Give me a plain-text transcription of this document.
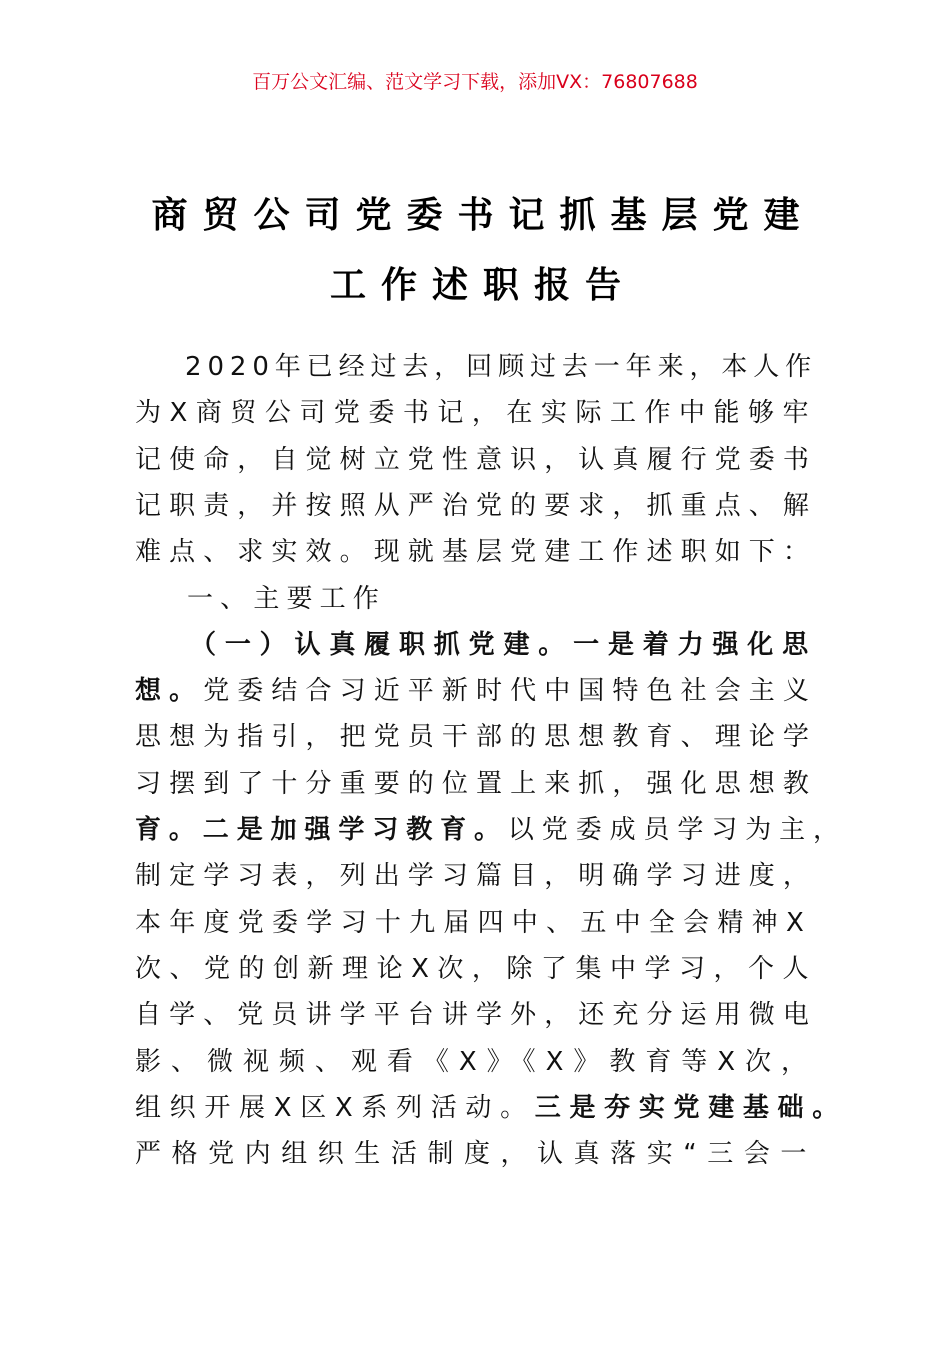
百万公文汇编、范文学习下载，添加VX：76807688
商贸公司党委书记抓基层党建
工作述职报告
2020年已经过去，回顾过去一年来，本人作
为X商贸公司党委书记，在实际工作中能够牢
记使命，自觉树立党性意识，认真履行党委书
记职责，并按照从严治党的要求，抓重点、解
难点、求实效。现就基层党建工作述职如下：
一、主要工作
（一）认真履职抓党建。一是着力强化思
想。党委结合习近平新时代中国特色社会主义
思想为指引，把党员干部的思想教育、理论学
习摆到了十分重要的位置上来抓，强化思想教
育。二是加强学习教育。以党委成员学习为主，
制定学习表，列出学习篇目，明确学习进度，
本年度党委学习十九届四中、五中全会精神X
次、党的创新理论X次，除了集中学习，个人
自学、党员讲学平台讲学外，还充分运用微电
影、微视频、观看《X》《X》教育等X次，
组织开展X区X系列活动。三是夯实党建基础。
严格党内组织生活制度，认真落实“三会一
